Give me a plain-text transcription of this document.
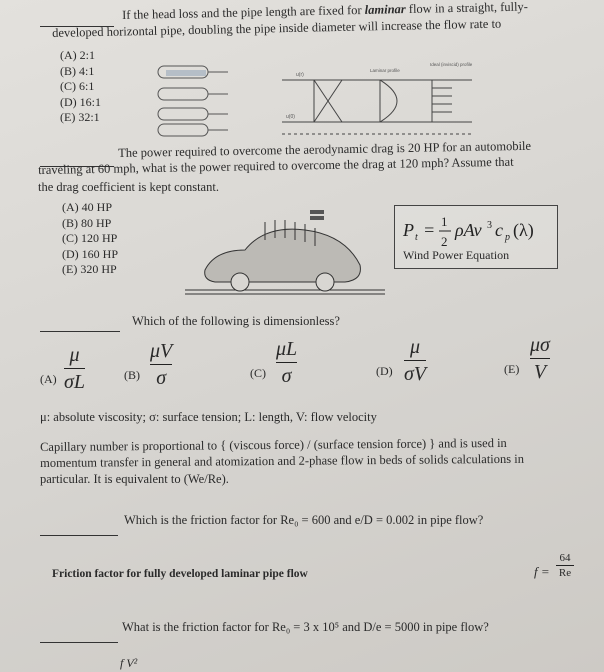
If the head loss and the pipe length are fixed for laminar flow in a straight, fully-
developed horizontal pipe, doubling the pipe inside diameter will increase the flow rate to
(A) 2:1
(B) 4:1
(C) 6:1
(D) 16:1
(E) 32:1
Laminar profile
Ideal (inviscid) profile
u(r)
u(0)
The power required to overcome the aerodynamic drag is 20 HP for an automobile
traveling at 60 mph, what is the power required to overcome the drag at 120 mph? Assume that
the drag coefficient is kept constant.
(A) 40 HP
(B) 80 HP
(C) 120 HP
(D) 160 HP
(E) 320 HP
P t = 1
2
ρAv 3 c p (λ)
Wind Power Equation
Which of the following is dimensionless?
(A)
μ
σL	(B)
μV
σ	(C)
μL
σ	(D)
μ
σV	(E)
μσ
V
μ: absolute viscosity; σ: surface tension; L: length, V: flow velocity
Capillary number is proportional to { (viscous force) / (surface tension force) } and is used in
momentum transfer in general and atomization and 2-phase flow in beds of solids calculations in
particular. It is equivalent to (We/Re).
Which is the friction factor for Re₀ = 600 and e/D = 0.002 in pipe flow?
Friction factor for fully developed laminar pipe flow	f =
64
Re
What is the friction factor for Re₀ = 3 x 10⁵ and D/e = 5000 in pipe flow?
f V²
